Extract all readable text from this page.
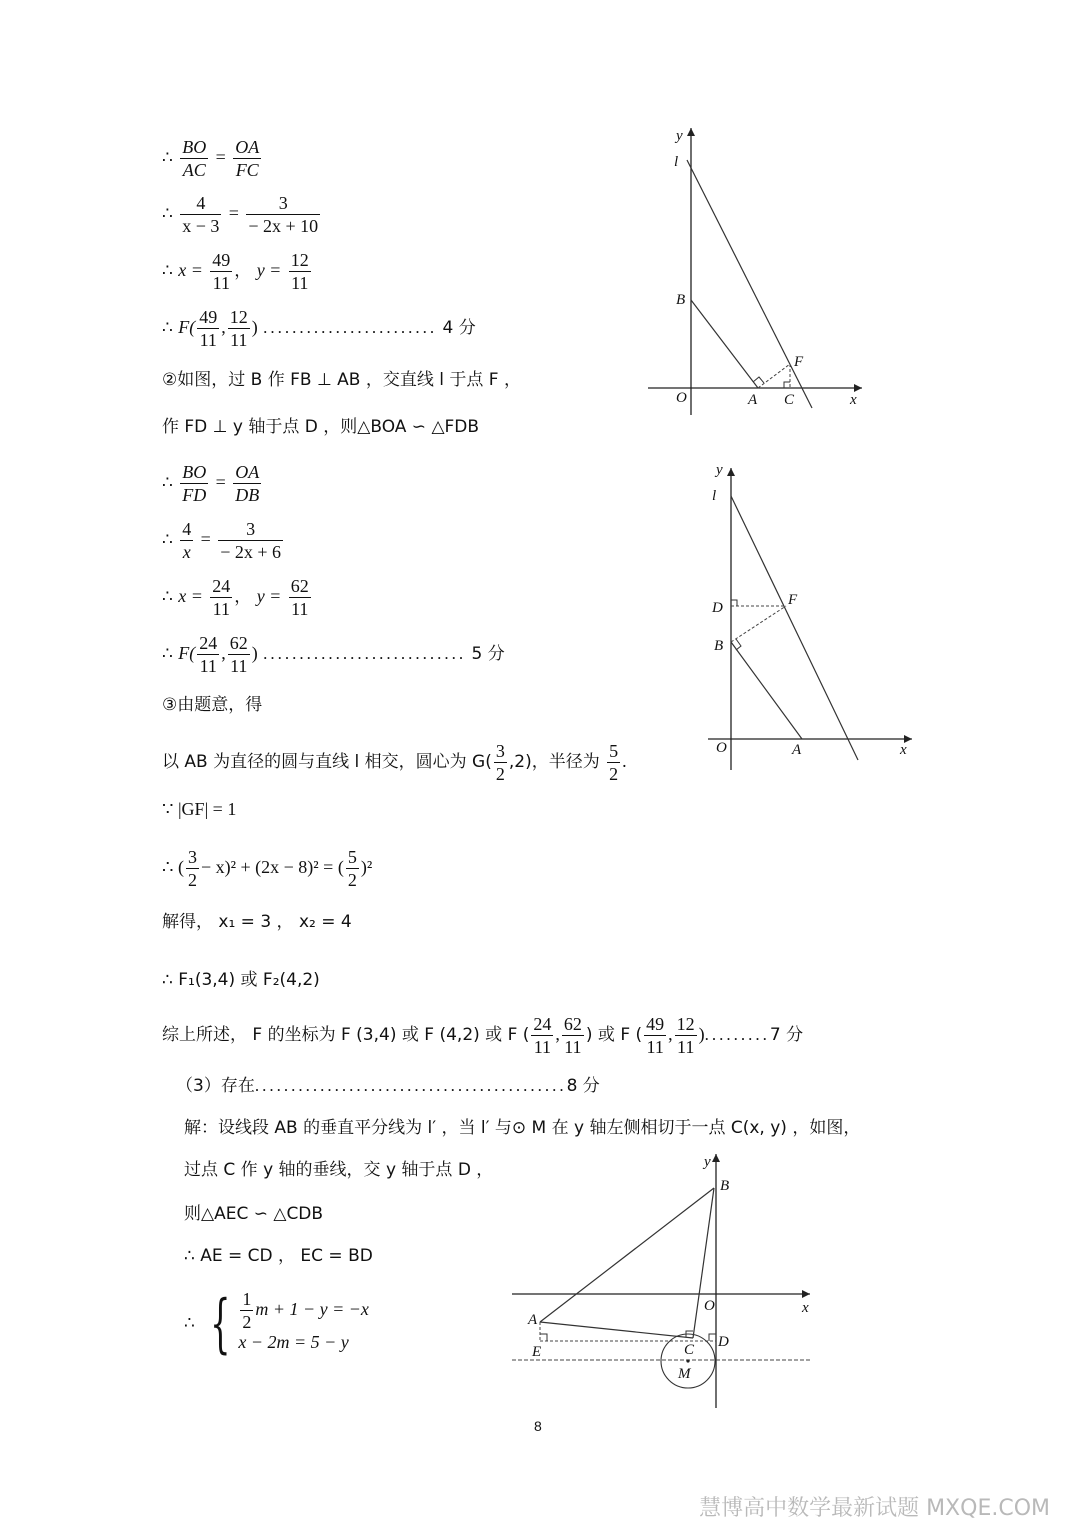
∴ $\frac{BO}{AC} = \frac{OA}{FC}$
∴ $\frac{4}{x - 3} = \frac{3}{- 2x + 10}$
∴ $x = \frac{49}{11}$ ， $y = \frac{12}{11}$
∴ $F( \frac{49}{11}$ , $\frac{12}{11}$ ) ........................ 4 分
②如图，过 B 作 FB ⊥ AB ，交直线 l 于点 F ，
作 FD ⊥ y 轴于点 D ，则△BOA ∽ △FDB
∴ $\frac{BO}{FD} = \frac{OA}{DB}$
∴ $\frac{4}{x} = \frac{3}{- 2x + 6}$
∴ $x = \frac{24}{11}$ ， $y = \frac{62}{11}$
∴ $F( \frac{24}{11}$ , $\frac{62}{11}$ ) ............................ 5 分
③由题意，得
以 AB 为直径的圆与直线 l 相交，圆心为 $G( \frac{3}{2} ,2)$，半径为 $\frac{5}{2}$ .
∵ |GF| = 1
∴ ( $\frac{3}{2} - x)^2 + (2x - 8)^2$ = ( $\frac{5}{2} )^2$
解得， x₁ = 3 ， x₂ = 4
∴ F₁(3,4) 或 F₂(4,2)
综上所述， F 的坐标为 F (3,4) 或 F (4,2) 或 F ( $\frac{24}{11}$ , $\frac{62}{11}$ ) 或 F ( $\frac{49}{11}$ , $\frac{12}{11} ).........7$ 分
（3）存在...........................................8 分
解：设线段 AB 的垂直平分线为 l′ ，当 l′ 与⊙ M 在 y 轴左侧相切于一点 C(x, y) ，如图，
过点 C 作 y 轴的垂线，交 y 轴于点 D ，
则△AEC ∽ △CDB
∴ AE = CD ， EC = BD
∴ { $\frac{1}{2}$ m + 1 − y = −x
x − 2m = 5 − y
y
l
B
F
O	A C	x
y
l
D	F
B
O	A	x
y
B
O	x
A
E	C D
M
8
慧博高中数学最新试题 MXQE.COM
